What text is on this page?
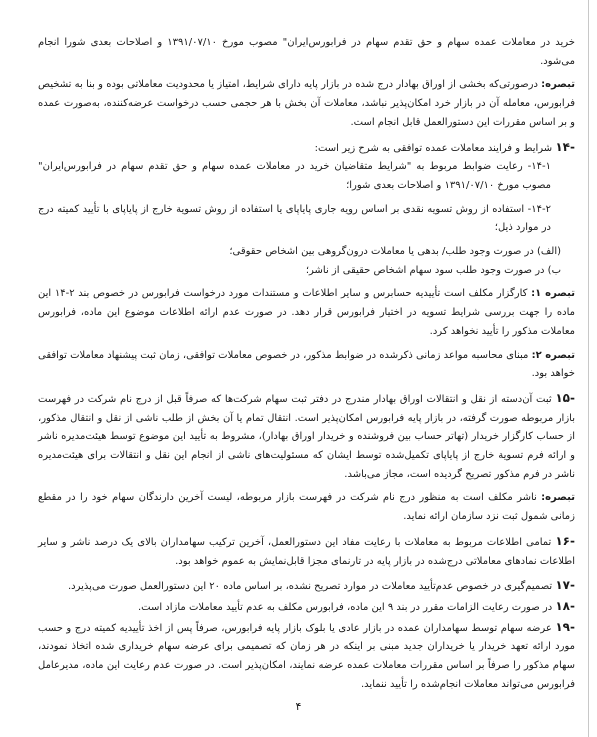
خرید در معاملات عمده سهام و حق تقدم سهام در فرابورس‌ایران" مصوب مورخ ۱۳۹۱/۰۷/۱۰ و اصلاحات بعدی شورا انجام می‌شود.

تبصره: درصورتی‌که بخشی از اوراق بهادار درج شده در بازار پایه دارای شرایط، امتیاز یا محدودیت معاملاتی بوده و بنا به تشخیص فرابورس، معامله آن در بازار خرد امکان‌پذیر نباشد، معاملات آن بخش با هر حجمی حسب درخواست عرضه‌کننده، به‌صورت عمده و بر اساس مقررات این دستورالعمل قابل انجام است.

-۱۴ شرایط و فرایند معاملات عمده توافقی به شرح زیر است:

۱۴-۱- رعایت ضوابط مربوط به "شرایط متقاضیان خرید در معاملات عمده سهام و حق تقدم سهام در فرابورس‌ایران" مصوب مورخ ۱۳۹۱/۰۷/۱۰ و اصلاحات بعدی شورا؛

۱۴-۲- استفاده از روش تسویه نقدی بر اساس رویه جاری پایاپای یا استفاده از روش تسویة خارج از پایاپای با تأیید کمیته درج در موارد ذیل؛

(الف) در صورت وجود طلب/ بدهی یا معاملات درون‌گروهی بین اشخاص حقوقی؛

ب) در صورت وجود طلب سود سهام اشخاص حقیقی از ناشر؛

تبصره ۱: کارگزار مکلف است تأییدیه حسابرس و سایر اطلاعات و مستندات مورد درخواست فرابورس در خصوص بند ۲-۱۴ این ماده را جهت بررسی شرایط تسویه در اختیار فرابورس قرار دهد. در صورت عدم ارائه اطلاعات موضوع این ماده، فرابورس معاملات مذکور را تأیید نخواهد کرد.

تبصره ۲: مبنای محاسبه مواعد زمانی ذکرشده در ضوابط مذکور، در خصوص معاملات توافقی، زمان ثبت پیشنهاد معاملات توافقی خواهد بود.

-۱۵ ثبت آن‌دسته از نقل و انتقالات اوراق بهادار مندرج در دفتر ثبت سهام شرکت‌ها که صرفاً قبل از درج نام شرکت در فهرست بازار مربوطه صورت گرفته، در بازار پایه فرابورس امکان‌پذیر است. انتقال تمام یا آن بخش از طلب ناشی از نقل و انتقال مذکور، از حساب کارگزار خریدار (تهاتر حساب بین فروشنده و خریدار اوراق بهادار)، مشروط به تأیید این موضوع توسط هیئت‌مدیره ناشر و ارائه فرم تسویة خارج از پایاپای تکمیل‌شده توسط ایشان که مسئولیت‌های ناشی از انجام این نقل و انتقالات برای هیئت‌مدیره ناشر در فرم مذکور تصریح گردیده است، مجاز می‌باشد.

تبصره: ناشر مکلف است به منظور درج نام شرکت در فهرست بازار مربوطه، لیست آخرین دارندگان سهام خود را در مقطع زمانی شمول ثبت نزد سازمان ارائه نماید.

-۱۶ تمامی اطلاعات مربوط به معاملات با رعایت مفاد این دستورالعمل، آخرین ترکیب سهامداران بالای یک درصد ناشر و سایر اطلاعات نمادهای معاملاتی درج‌شده در بازار پایه در تارنمای مجزا قابل‌نمایش به عموم خواهد بود.

-۱۷ تصمیم‌گیری در خصوص عدم‌تأیید معاملات در موارد تصریح نشده، بر اساس ماده ۲۰ این دستورالعمل صورت می‌پذیرد.

-۱۸ در صورت رعایت الزامات مقرر در بند ۹ این ماده، فرابورس مکلف به عدم تأیید معاملات مازاد است.

-۱۹ عرضه سهام توسط سهامداران عمده در بازار عادی یا بلوک بازار پایه فرابورس، صرفاً پس از اخذ تأییدیه کمیته درج و حسب مورد ارائه تعهد خریدار یا خریداران جدید مبنی بر اینکه در هر زمان که تصمیمی برای عرضه سهام خریداری شده اتخاذ نمودند، سهام مذکور را صرفاً بر اساس مقررات معاملات عمده عرضه نمایند، امکان‌پذیر است. در صورت عدم رعایت این ماده، مدیرعامل فرابورس می‌تواند معاملات انجام‌شده را تأیید ننماید.

۴
